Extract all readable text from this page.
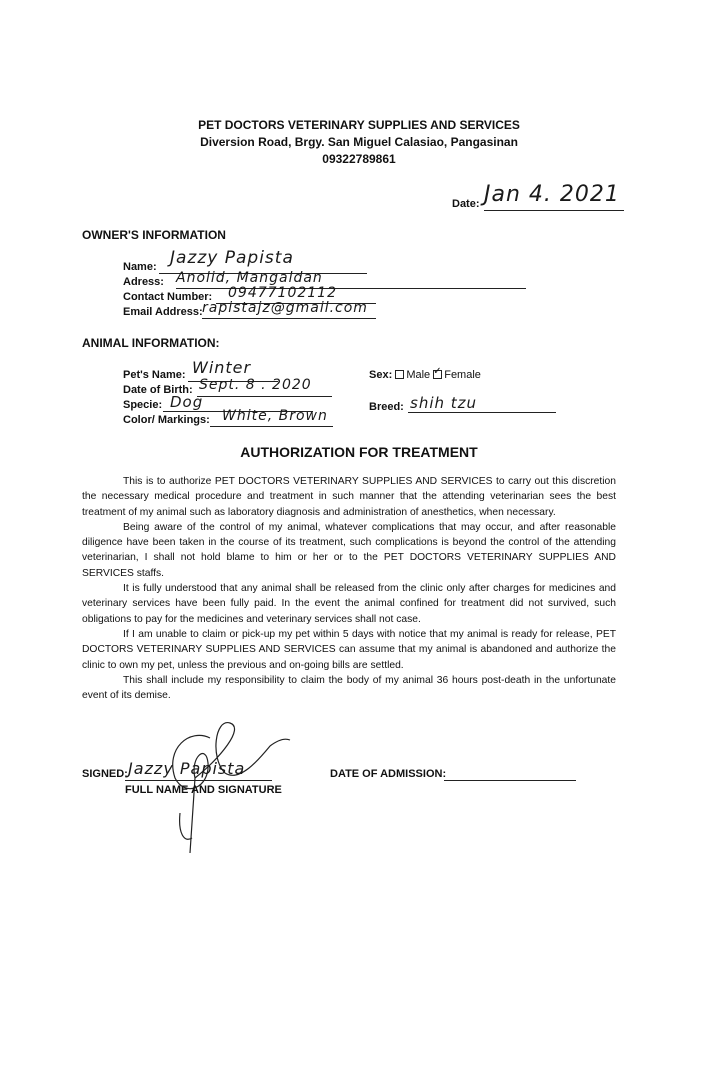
PET DOCTORS VETERINARY SUPPLIES AND SERVICES
Diversion Road, Brgy. San Miguel Calasiao, Pangasinan
09322789861
Date: Jan 4. 2021
OWNER'S INFORMATION
Name: Jazzy Papista
Adress: Anolid, Mangaldan
Contact Number: 09477102112
Email Address: rapistajz@gmail.com
ANIMAL INFORMATION:
Pet's Name: Winter
Date of Birth: Sept. 8 . 2020
Specie: Dog
Color/ Markings: White, Brown
Sex: Male ✓ Female
Breed: shih tzu
AUTHORIZATION FOR TREATMENT

This is to authorize PET DOCTORS VETERINARY SUPPLIES AND SERVICES to carry out this discretion the necessary medical procedure and treatment in such manner that the attending veterinarian sees the best treatment of my animal such as laboratory diagnosis and administration of anesthetics, when necessary.

Being aware of the control of my animal, whatever complications that may occur, and after reasonable diligence have been taken in the course of its treatment, such complications is beyond the control of the attending veterinarian, I shall not hold blame to him or her or to the PET DOCTORS VETERINARY SUPPLIES AND SERVICES staffs.

It is fully understood that any animal shall be released from the clinic only after charges for medicines and veterinary services have been fully paid. In the event the animal confined for treatment did not survived, such obligations to pay for the medicines and veterinary services shall not case.

If I am unable to claim or pick-up my pet within 5 days with notice that my animal is ready for release, PET DOCTORS VETERINARY SUPPLIES AND SERVICES can assume that my animal is abandoned and authorize the clinic to own my pet, unless the previous and on-going bills are settled.

This shall include my responsibility to claim the body of my animal 36 hours post-death in the unfortunate event of its demise.

SIGNED: Jazzy Papista
FULL NAME AND SIGNATURE
DATE OF ADMISSION:
